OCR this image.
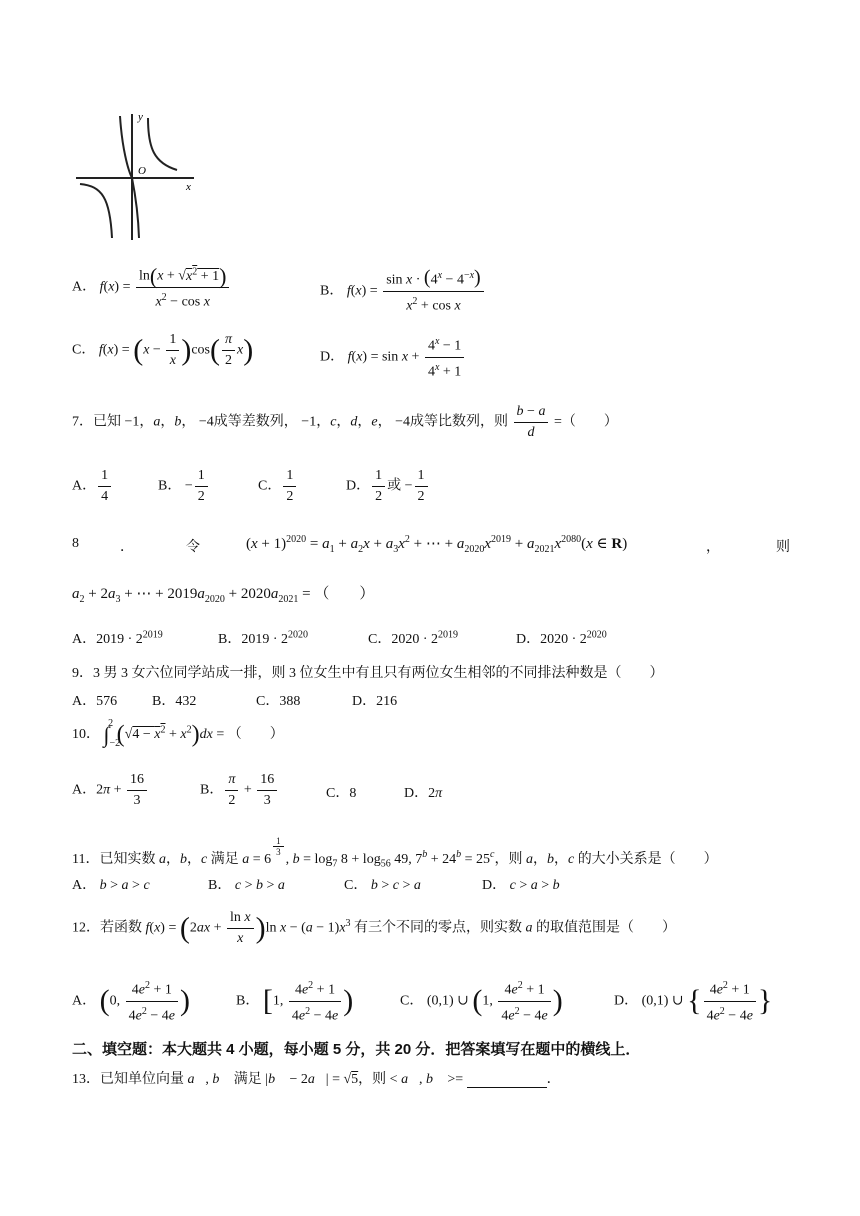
y
O
x
A． $f(x) = \frac{\ln(x + √x^2 + 1)}{x^2 - \cos x}$	B． $f(x) = \frac{\sin x \cdot (4^x - 4^{-x})}{x^2 + \cos x}$
C． $f(x) = (x - \frac{1}{x} )\cos( \frac{\pi}{2} x)$	D． $f(x) = \sin x + \frac{4^x - 1}{4^x + 1}$
7．已知 −1，a，b， −4成等差数列， −1，c，d，e， −4成等比数列，则 $\frac{b - a}{d}$ =（　　）
A． $\frac{1}{4}$	B． − $\frac{1}{2}$	C． $\frac{1}{2}$	D． $\frac{1}{2}$ 或 − $\frac{1}{2}$
8	．	令	$(x + 1)^{2020} = a_1 + a_2x + a_3x^2$ + ⋯ + $a_{2020}x^{2019} + a_{2021}x^{2080}(x$ ∈ R)	，	则
$a_2 + 2a_3$ + ⋯ + $2019a_{2020} + 2020a_{2021}$ = （　　）
A．$2019 \cdot 2^{2019}$	B．$2019 \cdot 2^{2020}$	C．$2020 \cdot 2^{2019}$	D．$2020 \cdot 2^{2020}$
9．3 男 3 女六位同学站成一排，则 3 位女生中有且只有两位女生相邻的不同排法种数是（　　）
A．576 B．432	C．388	D．216
10． $\int_{-2}^2$ $(√4 - x^2 + x^2)dx$ = （　　）
A．$2\pi + \frac{16}{3}$	B． $\frac{\pi}{2} + \frac{16}{3}$	C．8	D．2π
11．已知实数 a，b，c 满足 a = 6
$^{\frac{1}{3}}$
, $b = \log_7 8 + \log_{56} 49$, $7^b + 24^b = 25^c$，则 a，b，c 的大小关系是（　　）
A． b > a > c	B． c > b > a	C． b > c > a	D． c > a > b
12．若函数 $f(x) = (2ax + \frac{\text{ln x}}{x} )\ln$ $x - (a - 1)x^3$ 有三个不同的零点，则实数 a 的取值范围是（　　）
A． (0, $\frac{4e^2 + 1}{4e^2 - 4e}$ )	B． [1, $\frac{4e^2 + 1}{4e^2 - 4e}$ )	C． (0,1) ∪ (1, $\frac{4e^2 + 1}{4e^2 - 4e}$ )	D． (0,1) ∪ { $\frac{4e^2 + 1}{4e^2 - 4e}$ }
二、填空题：本大题共 4 小题，每小题 5 分，共 20 分．把答案填写在题中的横线上．
13．已知单位向量 a⃗, b⃗ 满足 |b⃗ − 2a⃗| = √5，则 < a⃗, b⃗ >=	．
